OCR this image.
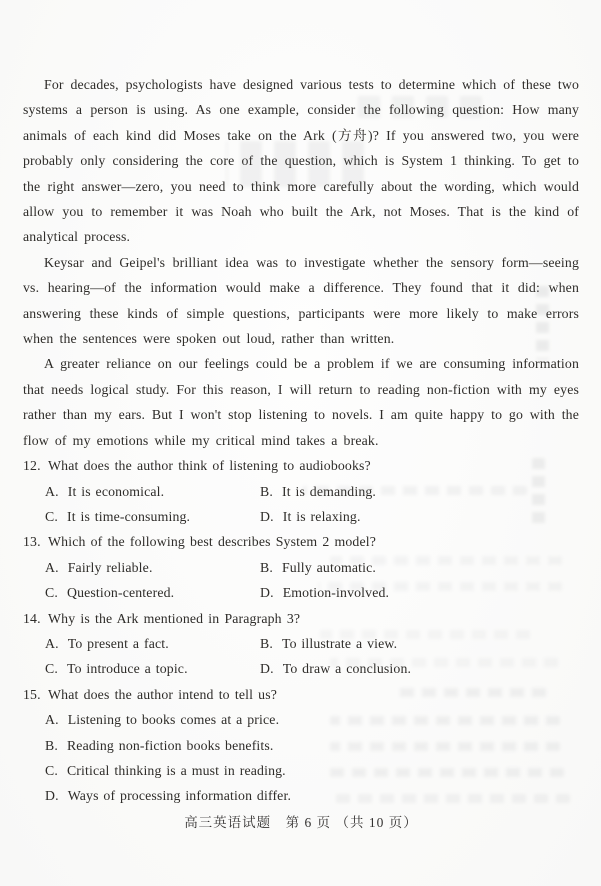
For decades, psychologists have designed various tests to determine which of these two systems a person is using. As one example, consider the following question: How many animals of each kind did Moses take on the Ark (方舟)? If you answered two, you were probably only considering the core of the question, which is System 1 thinking. To get to the right answer—zero, you need to think more carefully about the wording, which would allow you to remember it was Noah who built the Ark, not Moses. That is the kind of analytical process.

Keysar and Geipel's brilliant idea was to investigate whether the sensory form—seeing vs. hearing—of the information would make a difference. They found that it did: when answering these kinds of simple questions, participants were more likely to make errors when the sentences were spoken out loud, rather than written.

A greater reliance on our feelings could be a problem if we are consuming information that needs logical study. For this reason, I will return to reading non-fiction with my eyes rather than my ears. But I won't stop listening to novels. I am quite happy to go with the flow of my emotions while my critical mind takes a break.

12. What does the author think of listening to audiobooks?
A. It is economical.	B. It is demanding.
C. It is time-consuming.	D. It is relaxing.
13. Which of the following best describes System 2 model?
A. Fairly reliable.	B. Fully automatic.
C. Question-centered.	D. Emotion-involved.
14. Why is the Ark mentioned in Paragraph 3?
A. To present a fact.	B. To illustrate a view.
C. To introduce a topic.	D. To draw a conclusion.
15. What does the author intend to tell us?
A. Listening to books comes at a price.
B. Reading non-fiction books benefits.
C. Critical thinking is a must in reading.
D. Ways of processing information differ.
高三英语试题　第 6 页 （共 10 页）
